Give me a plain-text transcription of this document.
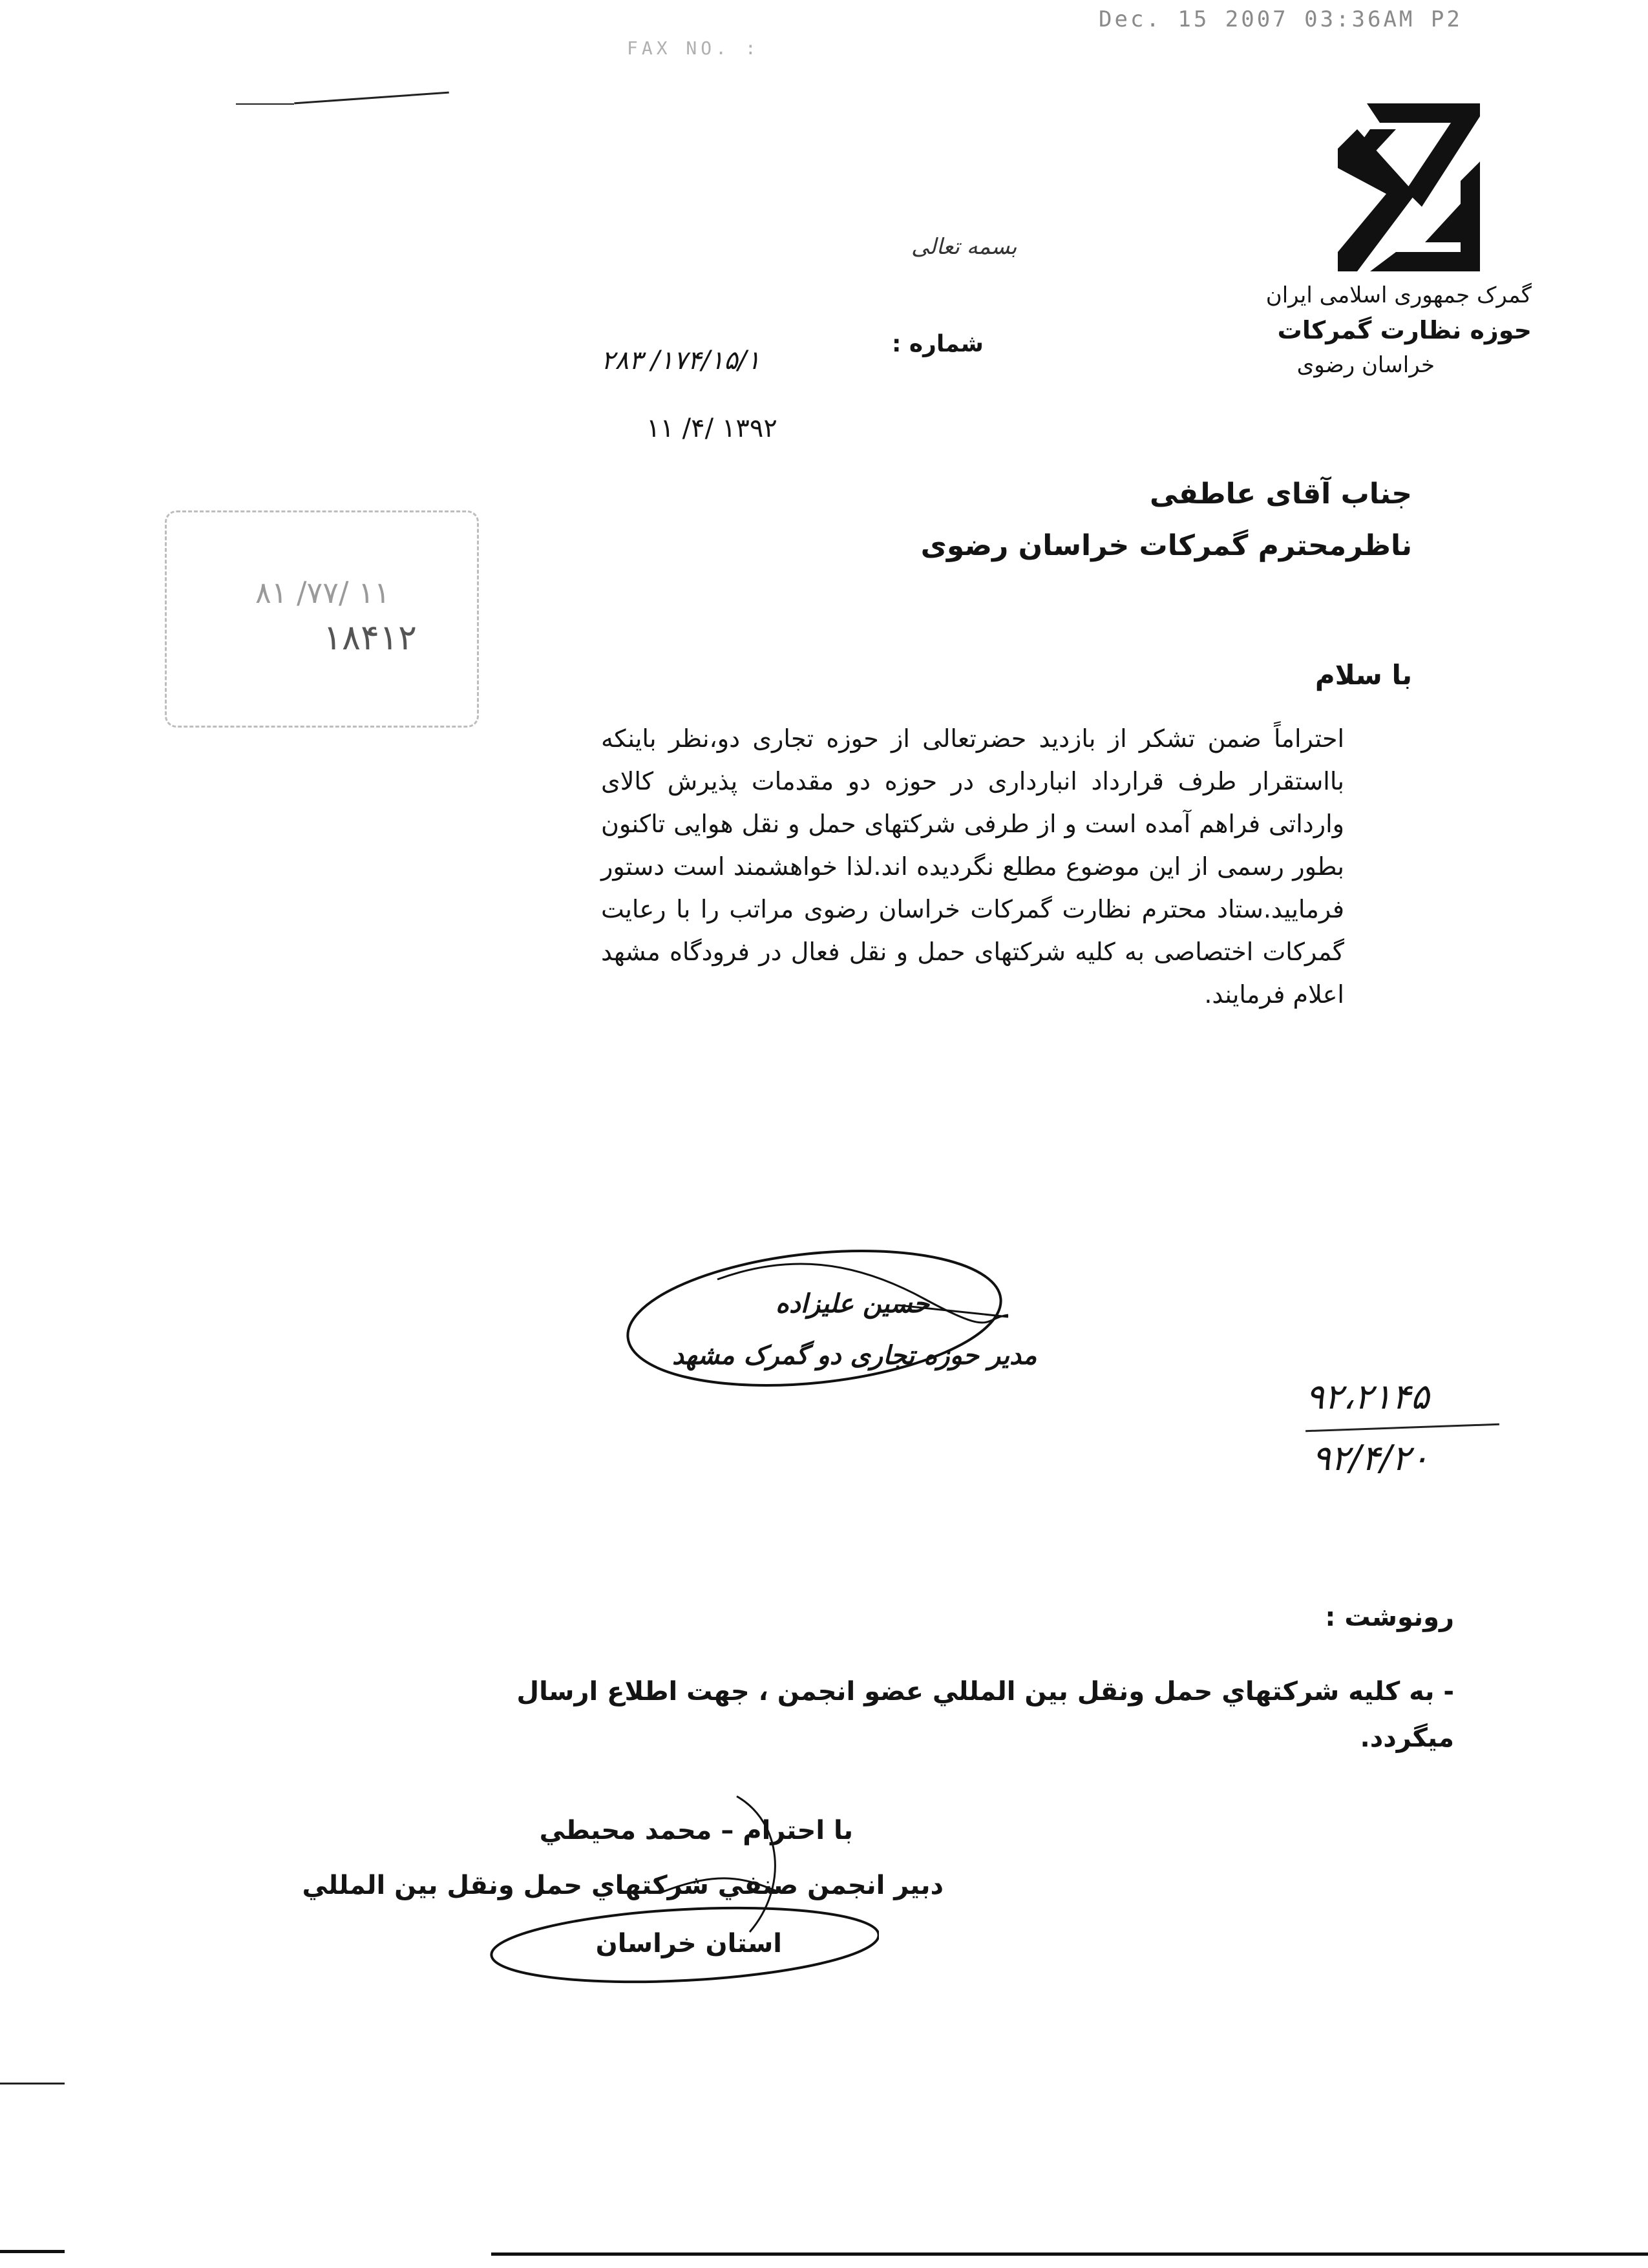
Dec. 15 2007 03:36AM P2
FAX NO. :
گمرک جمهوری اسلامی ایران
حوزه نظارت گمرکات
خراسان رضوی
بسمه تعالی
شماره :
۱۷۴/۱۵/۱/ ۲۸۳
۱۳۹۲ /۴/ ۱۱
۸۱ /۷۷/ ۱۱
۱۸۴۱۲
جناب آقای عاطفی
ناظرمحترم گمرکات خراسان رضوی
با سلام
احتراماً ضمن تشکر از بازدید حضرتعالی از حوزه تجاری دو،نظر باینکه بااستقرار طرف قرارداد انبارداری در حوزه دو مقدمات پذیرش کالای وارداتی فراهم آمده است و از طرفی شرکتهای حمل و نقل هوایی تاکنون بطور رسمی از این موضوع مطلع نگردیده اند.لذا خواهشمند است دستور فرمایید.ستاد محترم نظارت گمرکات خراسان رضوی مراتب را با رعایت گمرکات اختصاصی به کلیه شرکتهای حمل و نقل فعال در فرودگاه مشهد اعلام فرمایند.
حسین علیزاده
مدیر حوزه تجاری دو گمرک مشهد
۹۲،۲۱۴۵
۹۲/۴/۲۰
رونوشت :
- به كليه شركتهاي حمل ونقل بين المللي عضو انجمن ، جهت اطلاع ارسال ميگردد.
با احترام – محمد محيطي
دبير انجمن صنفي شركتهاي حمل ونقل بين المللي
استان خراسان
